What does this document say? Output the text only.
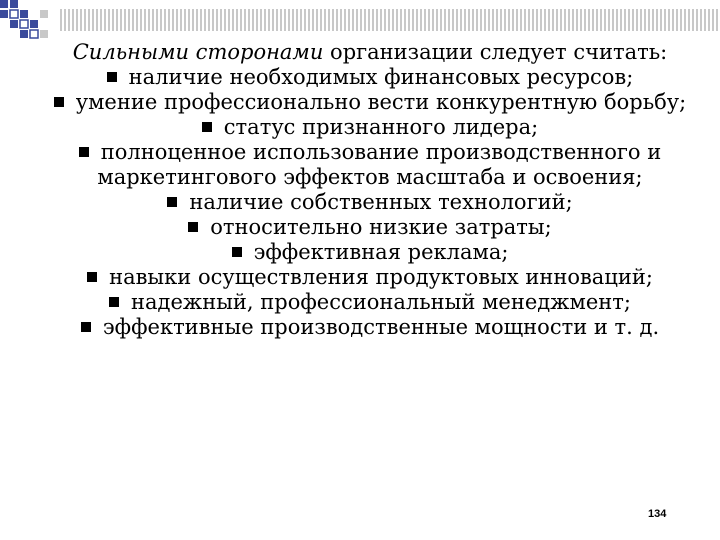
Сильными сторонами организации следует считать:

наличие необходимых финансовых ресурсов;

умение профессионально вести конкурентную борьбу;

статус признанного лидера;

полноценное использование производственного и маркетингового эффектов масштаба и освоения;

наличие собственных технологий;

относительно низкие затраты;

эффективная реклама;

навыки осуществления продуктовых инноваций;

надежный, профессиональный менеджмент;

эффективные производственные мощности и т. д.

134
